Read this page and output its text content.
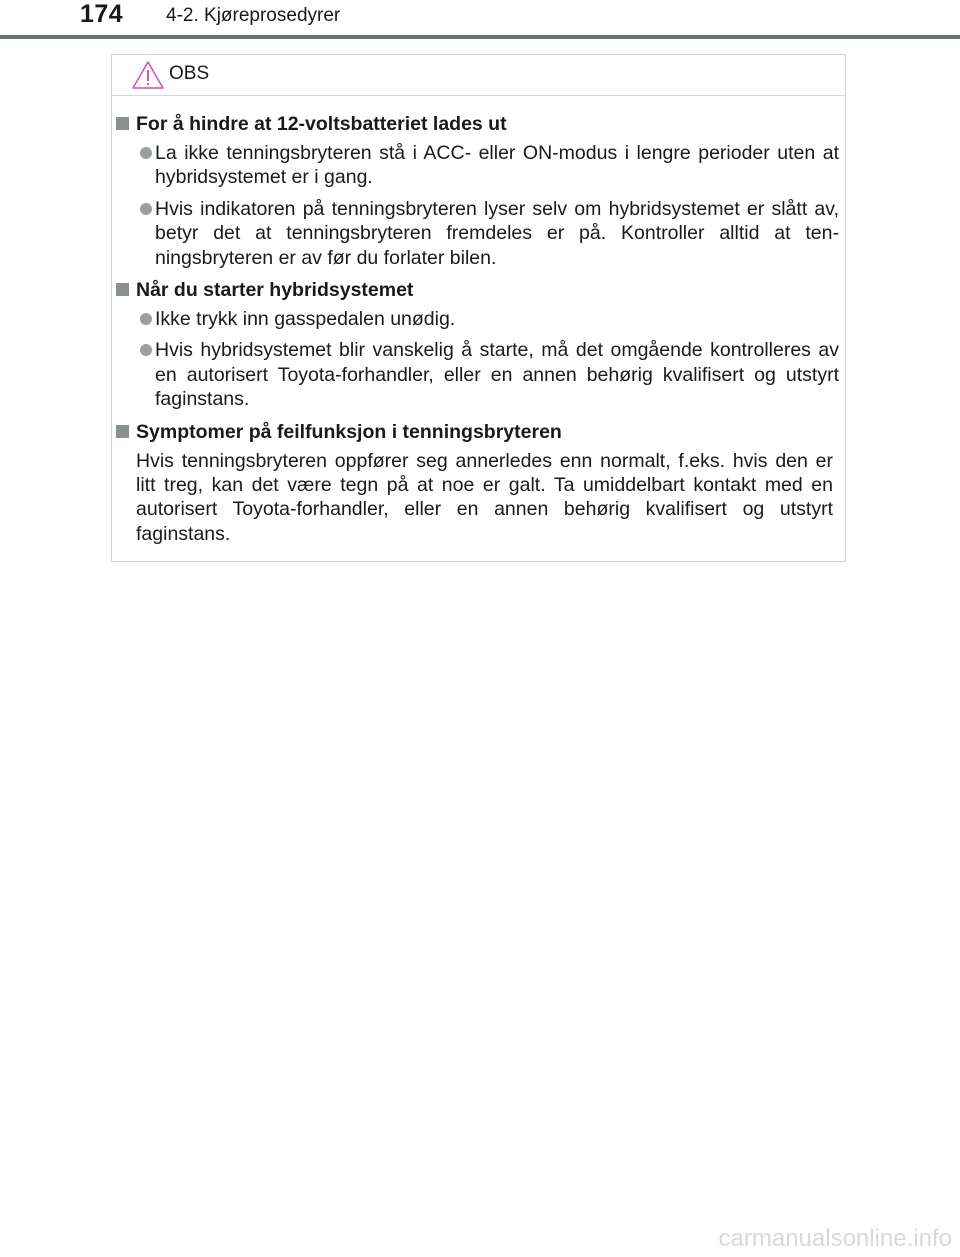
174 4-2. Kjøreprosedyrer
OBS
For å hindre at 12-voltsbatteriet lades ut
La ikke tenningsbryteren stå i ACC- eller ON-modus i lengre perioder uten at hybridsystemet er i gang.
Hvis indikatoren på tenningsbryteren lyser selv om hybridsystemet er slått av, betyr det at tenningsbryteren fremdeles er på. Kontroller alltid at ten-ningsbryteren er av før du forlater bilen.
Når du starter hybridsystemet
Ikke trykk inn gasspedalen unødig.
Hvis hybridsystemet blir vanskelig å starte, må det omgående kontrolleres av en autorisert Toyota-forhandler, eller en annen behørig kvalifisert og utstyrt faginstans.
Symptomer på feilfunksjon i tenningsbryteren
Hvis tenningsbryteren oppfører seg annerledes enn normalt, f.eks. hvis den er litt treg, kan det være tegn på at noe er galt. Ta umiddelbart kontakt med en autorisert Toyota-forhandler, eller en annen behørig kvalifisert og utstyrt faginstans.
carmanualsonline.info
